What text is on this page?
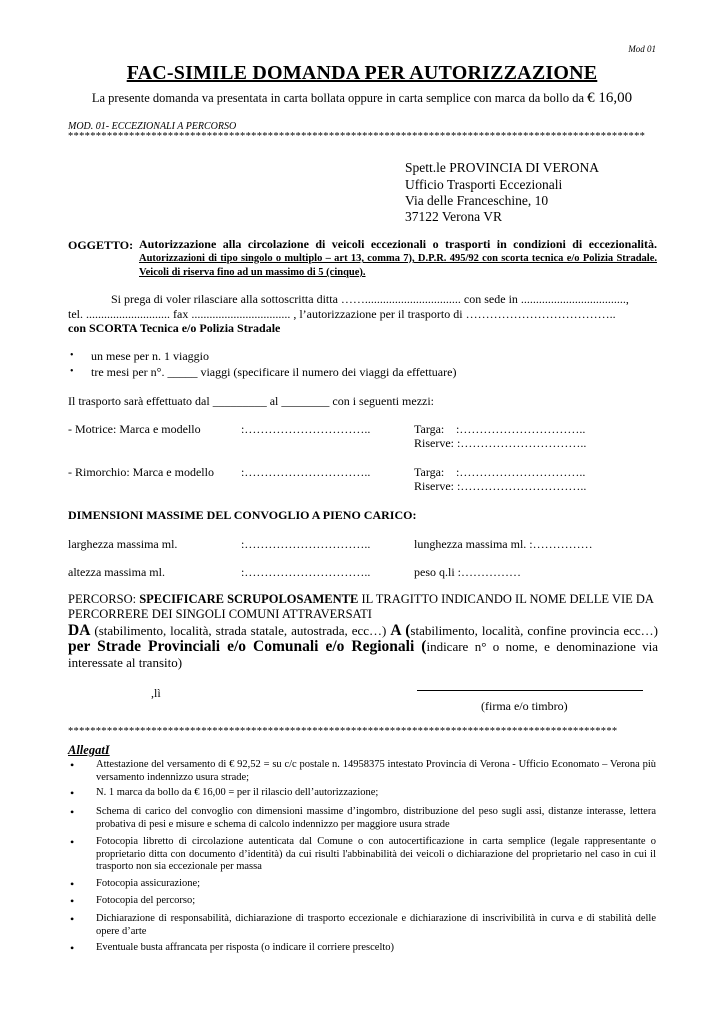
Mod 01
FAC-SIMILE DOMANDA PER AUTORIZZAZIONE
La presente domanda va presentata in carta bollata oppure in carta semplice con marca da bollo da € 16,00
MOD. 01- ECCEZIONALI A PERCORSO
********************************************************************************************************
Spett.le PROVINCIA DI VERONA
Ufficio Trasporti Eccezionali
Via delle Franceschine, 10
37122 Verona VR
OGGETTO: Autorizzazione alla circolazione di veicoli eccezionali o trasporti in condizioni di eccezionalità. Autorizzazioni di tipo singolo o multiplo – art 13, comma 7), D.P.R. 495/92 con scorta tecnica e/o Polizia Stradale. Veicoli di riserva fino ad un massimo di 5 (cinque).
Si prega di voler rilasciare alla sottoscritta ditta ……................................ con sede in ...................................,
tel. ............................ fax ................................. , l’autorizzazione per il trasporto di ………………………………..
con SCORTA Tecnica e/o Polizia Stradale
• un mese per n. 1 viaggio
• tre mesi per n°. _____ viaggi (specificare il numero dei viaggi da effettuare)
Il trasporto sarà effettuato dal _________ al ________ con i seguenti mezzi:
- Motrice: Marca e modello	:…………………………..	Targa: :…………………………..
Riserve: :…………………………..
- Rimorchio: Marca e modello :…………………………..	Targa: :…………………………..
Riserve: :…………………………..
DIMENSIONI MASSIME DEL CONVOGLIO A PIENO CARICO:
larghezza massima ml.	:…………………………..	lunghezza massima ml. :……………
altezza massima ml.	:…………………………..	peso q.li :……………
PERCORSO: SPECIFICARE SCRUPOLOSAMENTE IL TRAGITTO INDICANDO IL NOME DELLE VIE DA
PERCORRERE DEI SINGOLI COMUNI ATTRAVERSATI
DA (stabilimento, località, strada statale, autostrada, ecc…) A (stabilimento, località, confine provincia ecc…) per Strade Provinciali e/o Comunali e/o Regionali (indicare n° o nome, e denominazione via interessate al transito)
,lì
(firma e/o timbro)
***************************************************************************************************
AllegatI
• Attestazione del versamento di € 92,52 = su c/c postale n. 14958375 intestato Provincia di Verona - Ufficio Economato – Verona più versamento indennizzo usura strade;
• N. 1 marca da bollo da € 16,00 = per il rilascio dell’autorizzazione;
• Schema di carico del convoglio con dimensioni massime d’ingombro, distribuzione del peso sugli assi, distanze interasse, lettera probativa di pesi e misure e schema di calcolo indennizzo per maggiore usura strade
• Fotocopia libretto di circolazione autenticata dal Comune o con autocertificazione in carta semplice (legale rappresentante o proprietario ditta con documento d’identità) da cui risulti l'abbinabilità dei veicoli o dichiarazione del proprietario nel caso in cui il trasporto non sia eccezionale per massa
• Fotocopia assicurazione;
• Fotocopia del percorso;
• Dichiarazione di responsabilità, dichiarazione di trasporto eccezionale e dichiarazione di inscrivibilità in curva e di stabilità delle opere d’arte
• Eventuale busta affrancata per risposta (o indicare il corriere prescelto)
